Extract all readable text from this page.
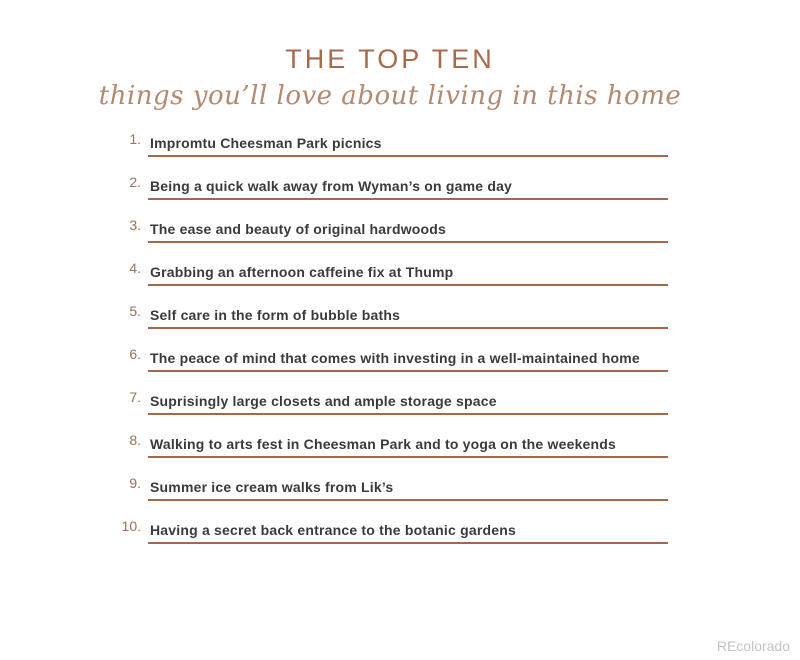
THE TOP TEN
things you’ll love about living in this home
1. Impromtu Cheesman Park picnics
2. Being a quick walk away from Wyman’s on game day
3. The ease and beauty of original hardwoods
4. Grabbing an afternoon caffeine fix at Thump
5. Self care in the form of bubble baths
6. The peace of mind that comes with investing in a well-maintained home
7. Suprisingly large closets and ample storage space
8. Walking to arts fest in Cheesman Park and to yoga on the weekends
9. Summer ice cream walks from Lik’s
10. Having a secret back entrance to the botanic gardens
REcolorado
